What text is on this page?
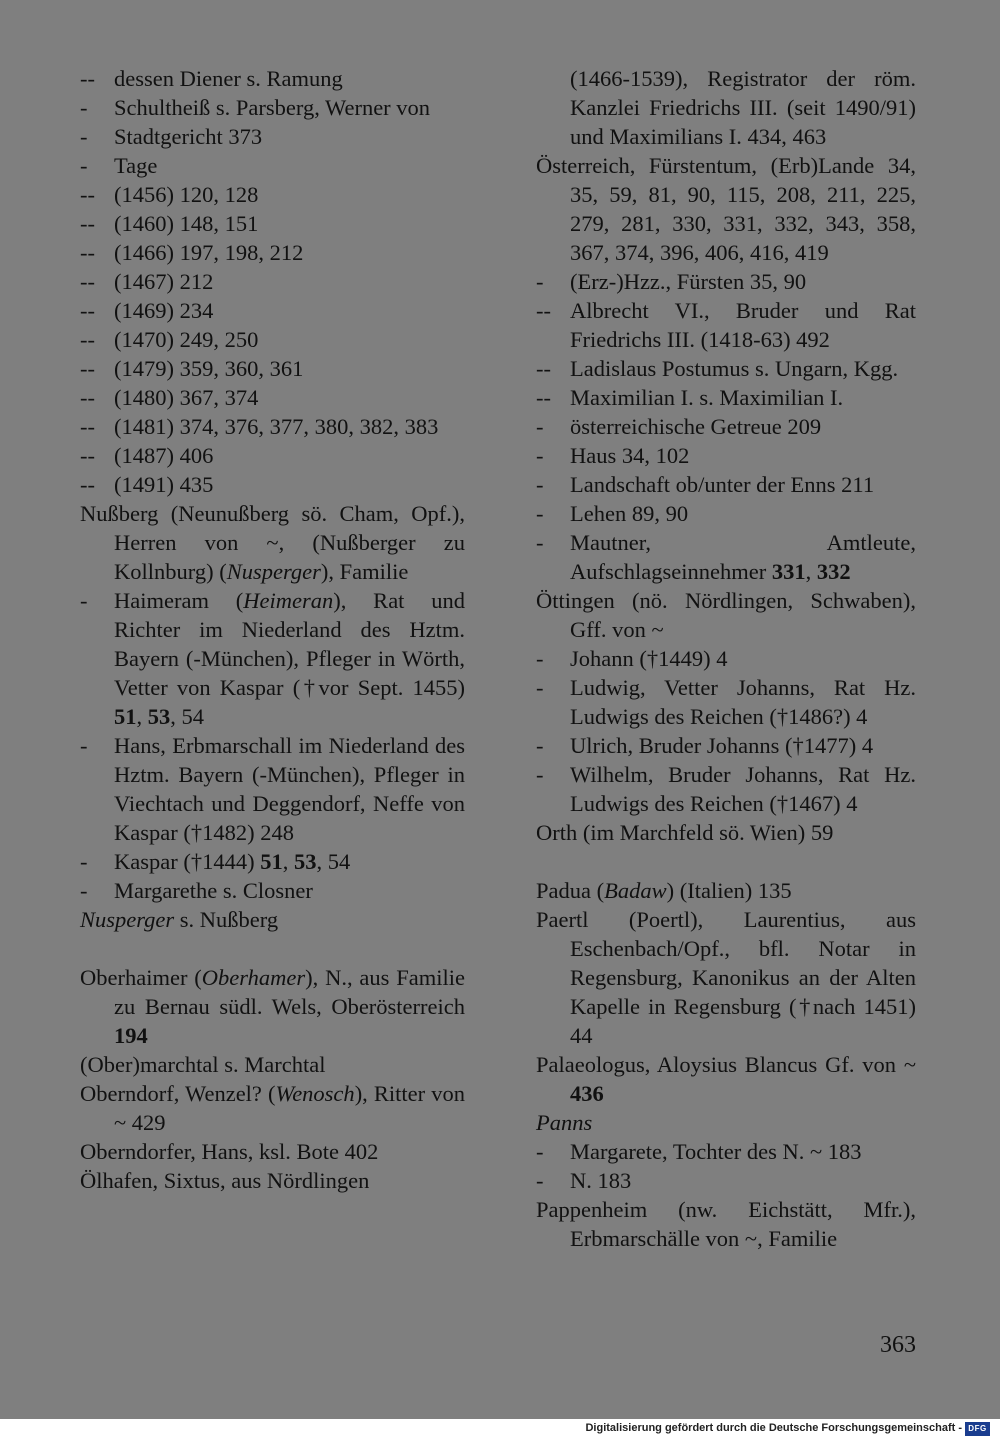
-- dessen Diener s. Ramung
- Schultheiß s. Parsberg, Werner von
- Stadtgericht 373
- Tage
-- (1456) 120, 128
-- (1460) 148, 151
-- (1466) 197, 198, 212
-- (1467) 212
-- (1469) 234
-- (1470) 249, 250
-- (1479) 359, 360, 361
-- (1480) 367, 374
-- (1481) 374, 376, 377, 380, 382, 383
-- (1487) 406
-- (1491) 435
Nußberg (Neunußberg sö. Cham, Opf.), Herren von ~, (Nußberger zu Kollnburg) (Nusperger), Familie
- Haimeram (Heimeran), Rat und Richter im Niederland des Hztm. Bayern (-München), Pfleger in Wörth, Vetter von Kaspar (†vor Sept. 1455) 51, 53, 54
- Hans, Erbmarschall im Niederland des Hztm. Bayern (-München), Pfleger in Viechtach und Deggendorf, Neffe von Kaspar (†1482) 248
- Kaspar (†1444) 51, 53, 54
- Margarethe s. Closner
Nusperger s. Nußberg
Oberhaimer (Oberhamer), N., aus Familie zu Bernau südl. Wels, Oberösterreich 194
(Ober)marchtal s. Marchtal
Oberndorf, Wenzel? (Wenosch), Ritter von ~ 429
Oberndorfer, Hans, ksl. Bote 402
Ölhafen, Sixtus, aus Nördlingen
(1466-1539), Registrator der röm. Kanzlei Friedrichs III. (seit 1490/91) und Maximilians I. 434, 463
Österreich, Fürstentum, (Erb)Lande 34, 35, 59, 81, 90, 115, 208, 211, 225, 279, 281, 330, 331, 332, 343, 358, 367, 374, 396, 406, 416, 419
- (Erz-)Hzz., Fürsten 35, 90
-- Albrecht VI., Bruder und Rat Friedrichs III. (1418-63) 492
-- Ladislaus Postumus s. Ungarn, Kgg.
-- Maximilian I. s. Maximilian I.
- österreichische Getreue 209
- Haus 34, 102
- Landschaft ob/unter der Enns 211
- Lehen 89, 90
- Mautner, Amtleute, Aufschlagseinnehmer 331, 332
Öttingen (nö. Nördlingen, Schwaben), Gff. von ~
- Johann (†1449) 4
- Ludwig, Vetter Johanns, Rat Hz. Ludwigs des Reichen (†1486?) 4
- Ulrich, Bruder Johanns (†1477) 4
- Wilhelm, Bruder Johanns, Rat Hz. Ludwigs des Reichen (†1467) 4
Orth (im Marchfeld sö. Wien) 59
Padua (Badaw) (Italien) 135
Paertl (Poertl), Laurentius, aus Eschenbach/Opf., bfl. Notar in Regensburg, Kanonikus an der Alten Kapelle in Regensburg (†nach 1451) 44
Palaeologus, Aloysius Blancus Gf. von ~ 436
Panns
- Margarete, Tochter des N. ~ 183
- N. 183
Pappenheim (nw. Eichstätt, Mfr.), Erbmarschälle von ~, Familie
363
Digitalisierung gefördert durch die Deutsche Forschungsgemeinschaft - DFG
